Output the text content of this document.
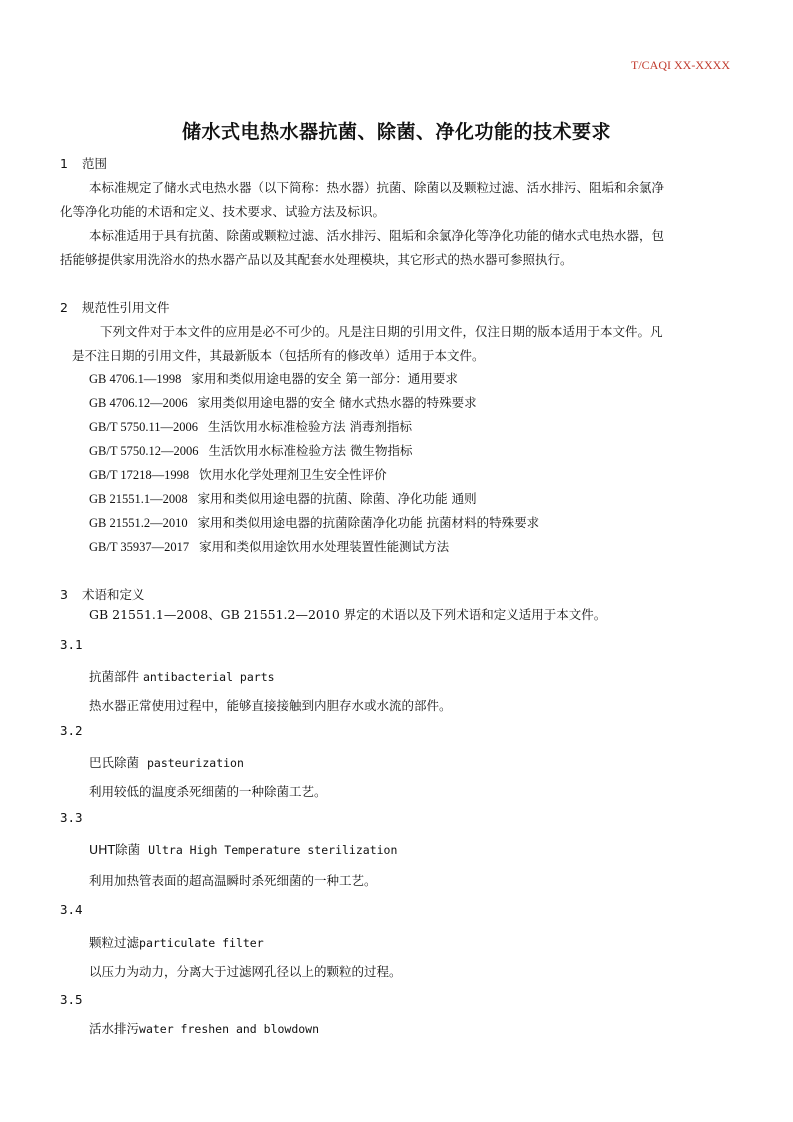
T/CAQI XX-XXXX
储水式电热水器抗菌、除菌、净化功能的技术要求
1 范围
本标准规定了储水式电热水器（以下简称：热水器）抗菌、除菌以及颗粒过滤、活水排污、阻垢和余氯净
化等净化功能的术语和定义、技术要求、试验方法及标识。
本标准适用于具有抗菌、除菌或颗粒过滤、活水排污、阻垢和余氯净化等净化功能的储水式电热水器，包
括能够提供家用洗浴水的热水器产品以及其配套水处理模块，其它形式的热水器可参照执行。
2 规范性引用文件
下列文件对于本文件的应用是必不可少的。凡是注日期的引用文件，仅注日期的版本适用于本文件。凡
是不注日期的引用文件，其最新版本（包括所有的修改单）适用于本文件。
GB 4706.1—1998 家用和类似用途电器的安全 第一部分：通用要求
GB 4706.12—2006 家用类似用途电器的安全 储水式热水器的特殊要求
GB/T 5750.11—2006 生活饮用水标准检验方法 消毒剂指标
GB/T 5750.12—2006 生活饮用水标准检验方法 微生物指标
GB/T 17218—1998 饮用水化学处理剂卫生安全性评价
GB 21551.1—2008 家用和类似用途电器的抗菌、除菌、净化功能 通则
GB 21551.2—2010 家用和类似用途电器的抗菌除菌净化功能 抗菌材料的特殊要求
GB/T 35937—2017 家用和类似用途饮用水处理装置性能测试方法
3 术语和定义
GB 21551.1—2008、GB 21551.2—2010 界定的术语以及下列术语和定义适用于本文件。
3.1
抗菌部件 antibacterial parts
热水器正常使用过程中，能够直接接触到内胆存水或水流的部件。
3.2
巴氏除菌 pasteurization
利用较低的温度杀死细菌的一种除菌工艺。
3.3
UHT除菌 Ultra High Temperature sterilization
利用加热管表面的超高温瞬时杀死细菌的一种工艺。
3.4
颗粒过滤particulate filter
以压力为动力，分离大于过滤网孔径以上的颗粒的过程。
3.5
活水排污water freshen and blowdown
